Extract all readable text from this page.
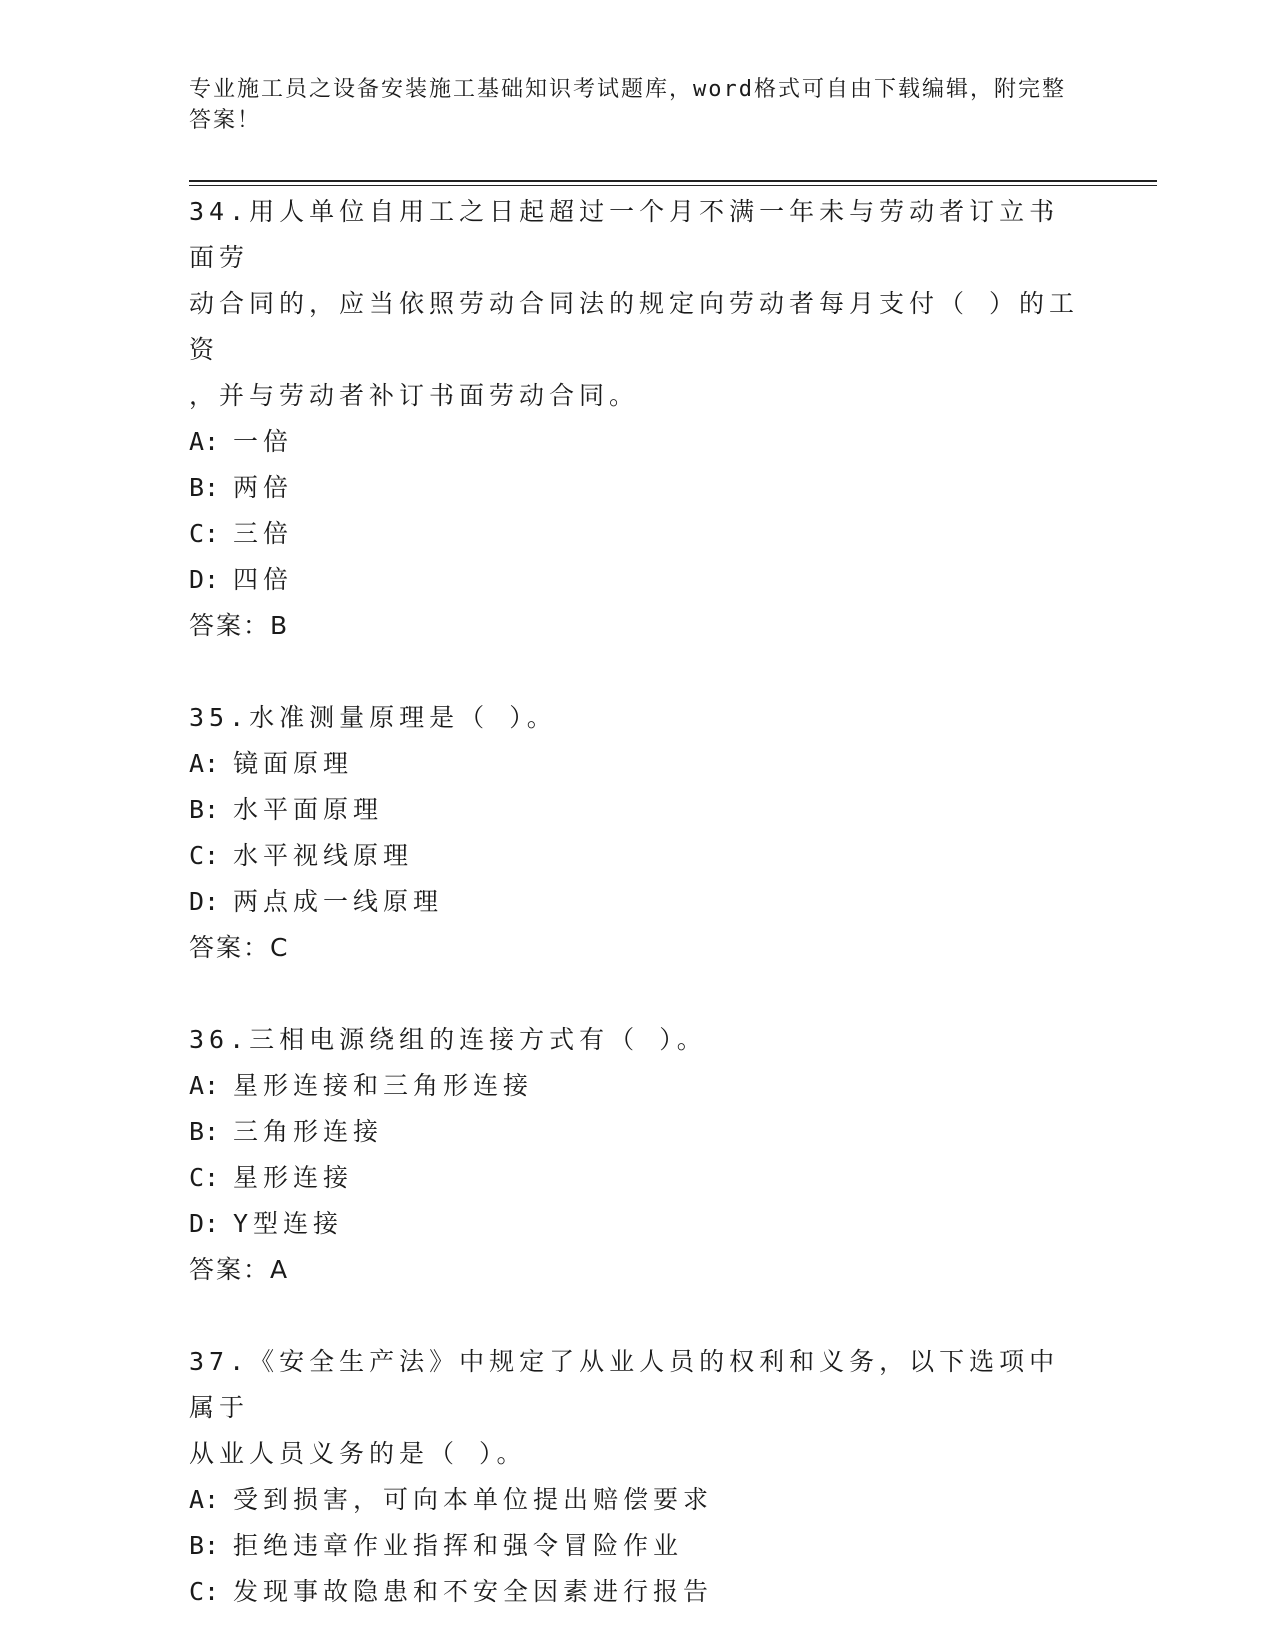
专业施工员之设备安装施工基础知识考试题库，word格式可自由下载编辑，附完整答案！
34.用人单位自用工之日起超过一个月不满一年未与劳动者订立书面劳
动合同的，应当依照劳动合同法的规定向劳动者每月支付（ ）的工资
，并与劳动者补订书面劳动合同。
A: 一倍
B: 两倍
C: 三倍
D: 四倍
答案：B
35.水准测量原理是（ ）。
A: 镜面原理
B: 水平面原理
C: 水平视线原理
D: 两点成一线原理
答案：C
36.三相电源绕组的连接方式有（ ）。
A: 星形连接和三角形连接
B: 三角形连接
C: 星形连接
D: Y型连接
答案：A
37.《安全生产法》中规定了从业人员的权利和义务，以下选项中属于
从业人员义务的是（ ）。
A: 受到损害，可向本单位提出赔偿要求
B: 拒绝违章作业指挥和强令冒险作业
C: 发现事故隐患和不安全因素进行报告
